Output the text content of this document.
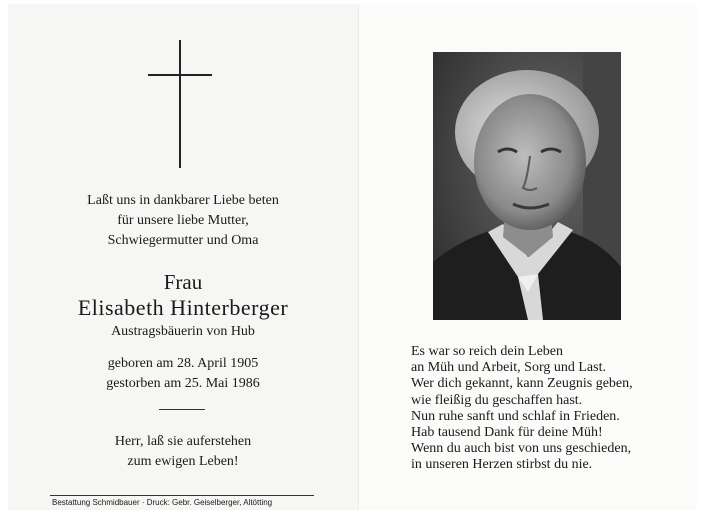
Laßt uns in dankbarer Liebe beten
für unsere liebe Mutter,
Schwiegermutter und Oma
Frau
Elisabeth Hinterberger
Austragsbäuerin von Hub
geboren am 28. April 1905
gestorben am 25. Mai 1986
Herr, laß sie auferstehen
zum ewigen Leben!
Bestattung Schmidbauer · Druck: Gebr. Geiselberger, Altötting
Es war so reich dein Leben
an Müh und Arbeit, Sorg und Last.
Wer dich gekannt, kann Zeugnis geben,
wie fleißig du geschaffen hast.
Nun ruhe sanft und schlaf in Frieden.
Hab tausend Dank für deine Müh!
Wenn du auch bist von uns geschieden,
in unseren Herzen stirbst du nie.
